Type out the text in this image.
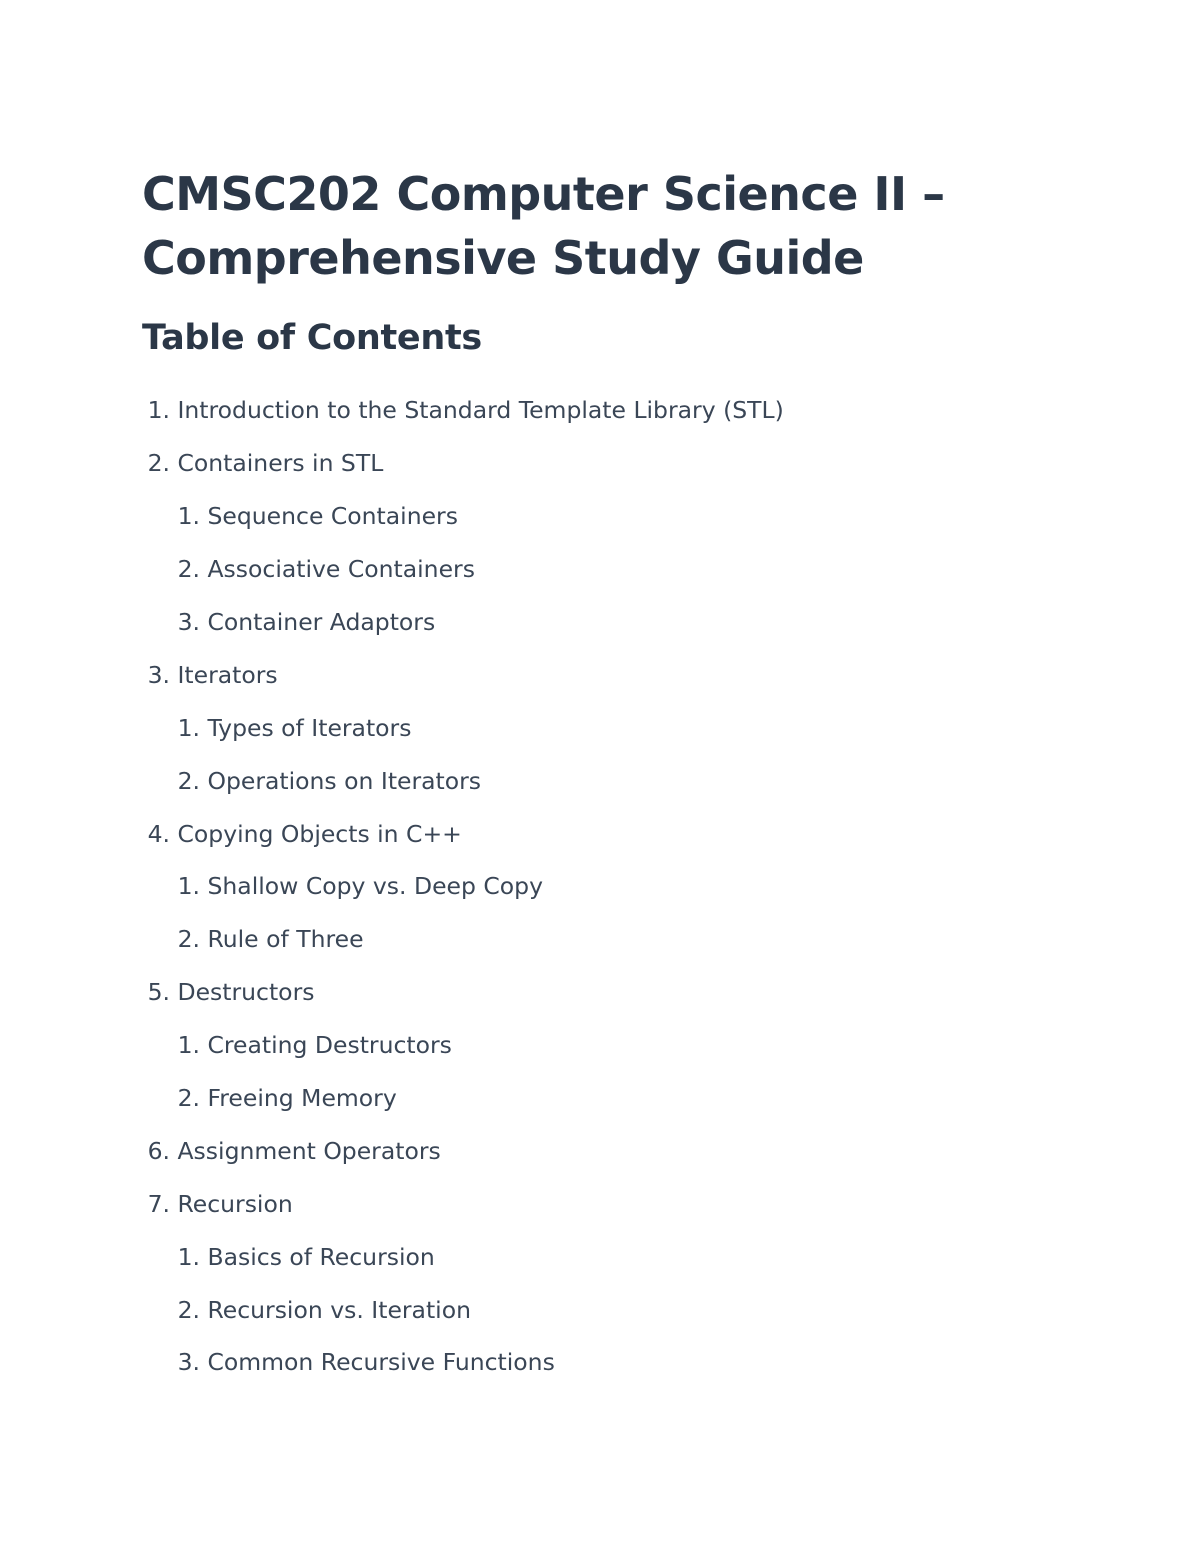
CMSC202 Computer Science II –
Comprehensive Study Guide
Table of Contents
1.
Introduction to the Standard Template Library (STL)
2.
Containers in STL
1.
Sequence Containers
2.
Associative Containers
3.
Container Adaptors
3.
Iterators
1.
Types of Iterators
2.
Operations on Iterators
4.
Copying Objects in C++
1.
Shallow Copy vs. Deep Copy
2.
Rule of Three
5.
Destructors
1.
Creating Destructors
2.
Freeing Memory
6.
Assignment Operators
7.
Recursion
1.
Basics of Recursion
2.
Recursion vs. Iteration
3.
Common Recursive Functions
